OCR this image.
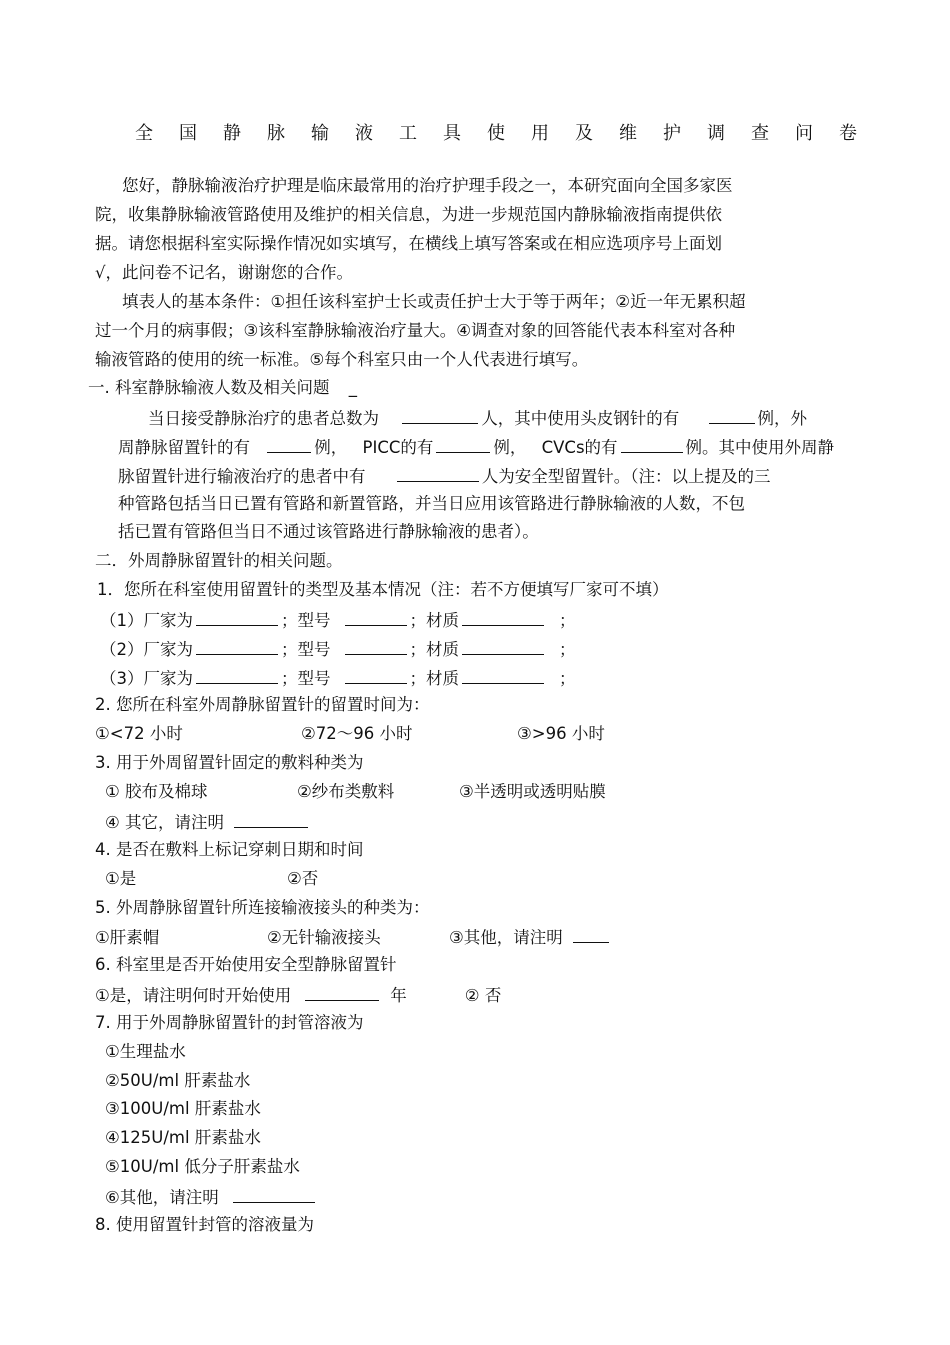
全 国 静 脉 输 液 工 具 使 用 及 维 护 调 查 问 卷
您好，静脉输液治疗护理是临床最常用的治疗护理手段之一，本研究面向全国多家医
院，收集静脉输液管路使用及维护的相关信息，为进一步规范国内静脉输液指南提供依
据。请您根据科室实际操作情况如实填写，在横线上填写答案或在相应选项序号上面划
√，此问卷不记名，谢谢您的合作。
填表人的基本条件：①担任该科室护士长或责任护士大于等于两年；②近一年无累积超
过一个月的病事假；③该科室静脉输液治疗量大。④调查对象的回答能代表本科室对各种
输液管路的使用的统一标准。⑤每个科室只由一个人代表进行填写。
一. 科室静脉输液人数及相关问题 _
当日接受静脉治疗的患者总数为	人，其中使用头皮钢针的有	例，外
周静脉留置针的有	例， PICC的有	例， CVCs的有	例。其中使用外周静
脉留置针进行输液治疗的患者中有	人为安全型留置针。（注：以上提及的三
种管路包括当日已置有管路和新置管路，并当日应用该管路进行静脉输液的人数，不包
括已置有管路但当日不通过该管路进行静脉输液的患者）。
二．外周静脉留置针的相关问题。
1．您所在科室使用留置针的类型及基本情况（注：若不方便填写厂家可不填）
（1）厂家为	；型号	；材质	；
（2）厂家为	；型号	；材质	；
（3）厂家为	；型号	；材质	；
2. 您所在科室外周静脉留置针的留置时间为：
①<72 小时	②72～96 小时	③>96 小时
3. 用于外周留置针固定的敷料种类为
① 胶布及棉球	②纱布类敷料	③半透明或透明贴膜
④ 其它，请注明
4. 是否在敷料上标记穿刺日期和时间
①是	②否
5. 外周静脉留置针所连接输液接头的种类为：
①肝素帽	②无针输液接头	③其他，请注明
6. 科室里是否开始使用安全型静脉留置针
①是，请注明何时开始使用	年	② 否
7. 用于外周静脉留置针的封管溶液为
①生理盐水
②50U/ml 肝素盐水
③100U/ml 肝素盐水
④125U/ml 肝素盐水
⑤10U/ml 低分子肝素盐水
⑥其他，请注明
8. 使用留置针封管的溶液量为
